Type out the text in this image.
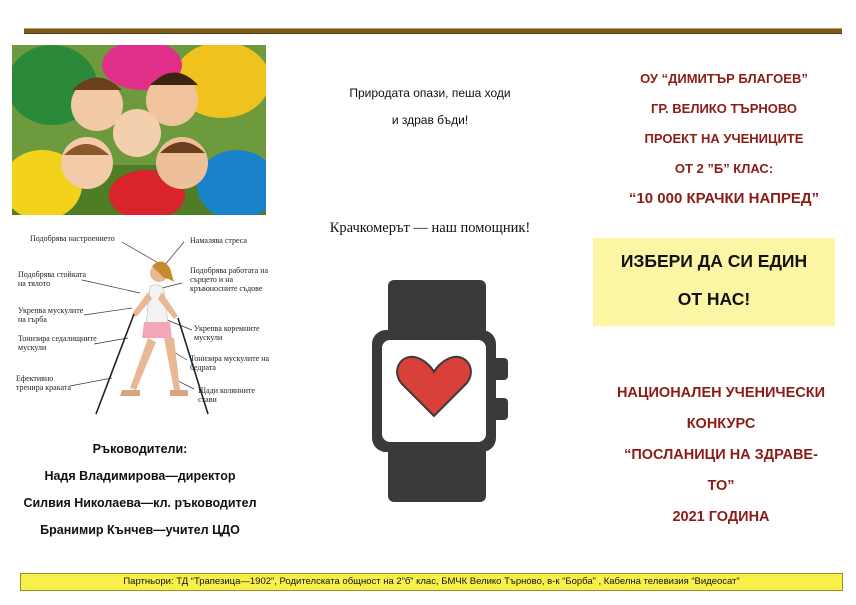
Подобрява настроението	Намалява стреса
Подобрява стойката на тялото
Подобрява работата на сърцето и на кръвоносните съдове
Укрепва мускулите на гърба
Тонизира седалищните мускули
Укрепва коремните мускули
Тонизира мускулите на бедрата
Ефективно тренира краката	Щади колянните стави
Ръководители:
Надя Владимирова—директор
Силвия Николаева—кл. ръководител
Бранимир Кънчев—учител ЦДО
Природата опази, пеша ходи
и здрав бъди!
Крачкомерът — наш помощник!
ОУ “ДИМИТЪР БЛАГОЕВ”
ГР. ВЕЛИКО ТЪРНОВО
ПРОЕКТ НА УЧЕНИЦИТЕ
ОТ 2 ”Б” КЛАС:
“10 000 КРАЧКИ НАПРЕД”
ИЗБЕРИ ДА СИ ЕДИН
ОТ НАС!
НАЦИОНАЛЕН УЧЕНИЧЕСКИ
КОНКУРС
“ПОСЛАНИЦИ НА ЗДРАВЕ-
ТО”
2021 ГОДИНА
Партньори: ТД “Трапезица—1902”, Родителската общност на 2”б” клас, БМЧК Велико Търново, в-к “Борба” , Кабелна телевизия “Видеосат”
